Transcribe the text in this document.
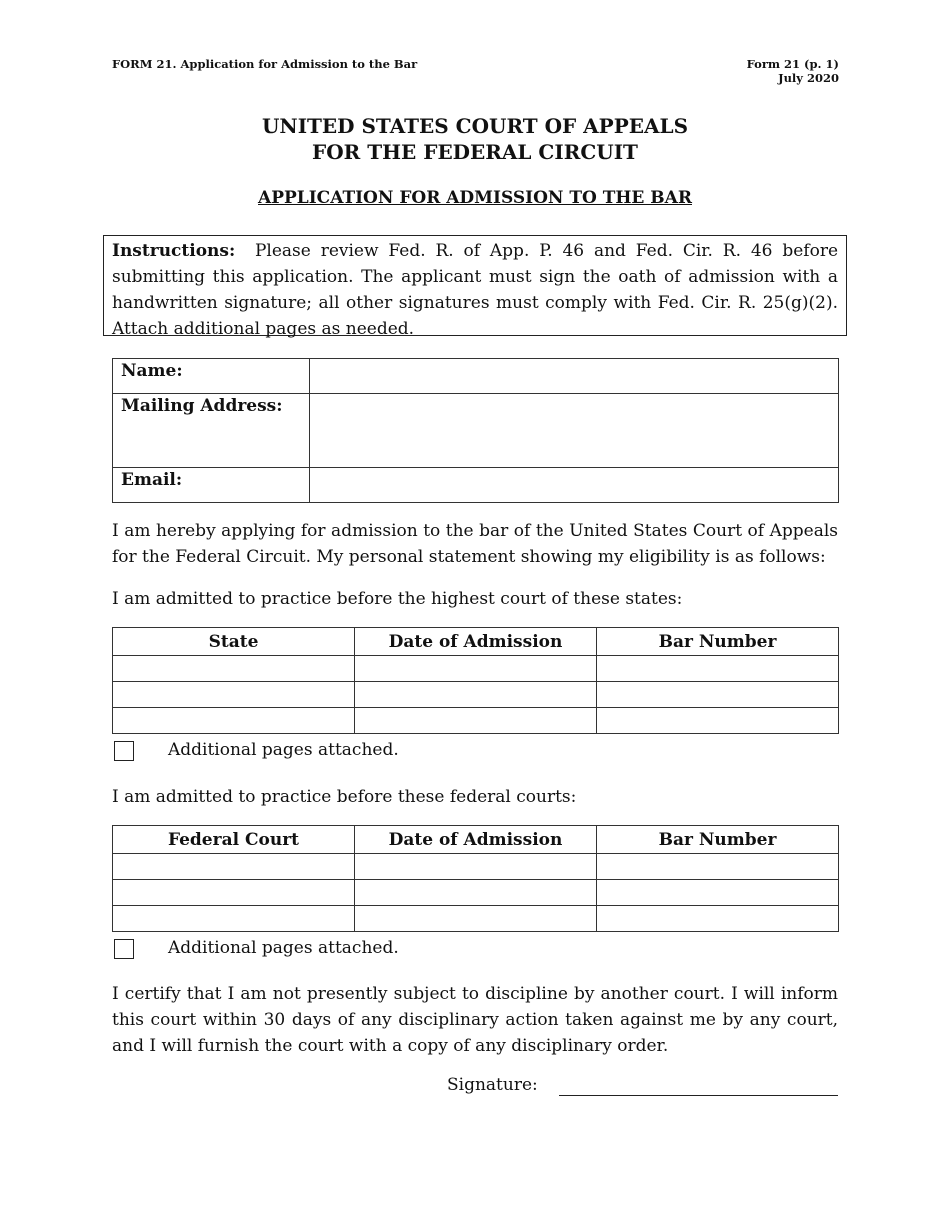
FORM 21. Application for Admission to the Bar	Form 21 (p. 1)
July 2020
UNITED STATES COURT OF APPEALS
FOR THE FEDERAL CIRCUIT
APPLICATION FOR ADMISSION TO THE BAR
Instructions: Please review Fed. R. of App. P. 46 and Fed. Cir. R. 46 before submitting this application. The applicant must sign the oath of admission with a handwritten signature; all other signatures must comply with Fed. Cir. R. 25(g)(2). Attach additional pages as needed.
Name:	
Mailing Address:	
Email:	
I am hereby applying for admission to the bar of the United States Court of Appeals for the Federal Circuit. My personal statement showing my eligibility is as follows:
I am admitted to practice before the highest court of these states:
State	Date of Admission	Bar Number

Additional pages attached.
I am admitted to practice before these federal courts:
Federal Court	Date of Admission	Bar Number

Additional pages attached.
I certify that I am not presently subject to discipline by another court. I will inform this court within 30 days of any disciplinary action taken against me by any court, and I will furnish the court with a copy of any disciplinary order.
Signature:
